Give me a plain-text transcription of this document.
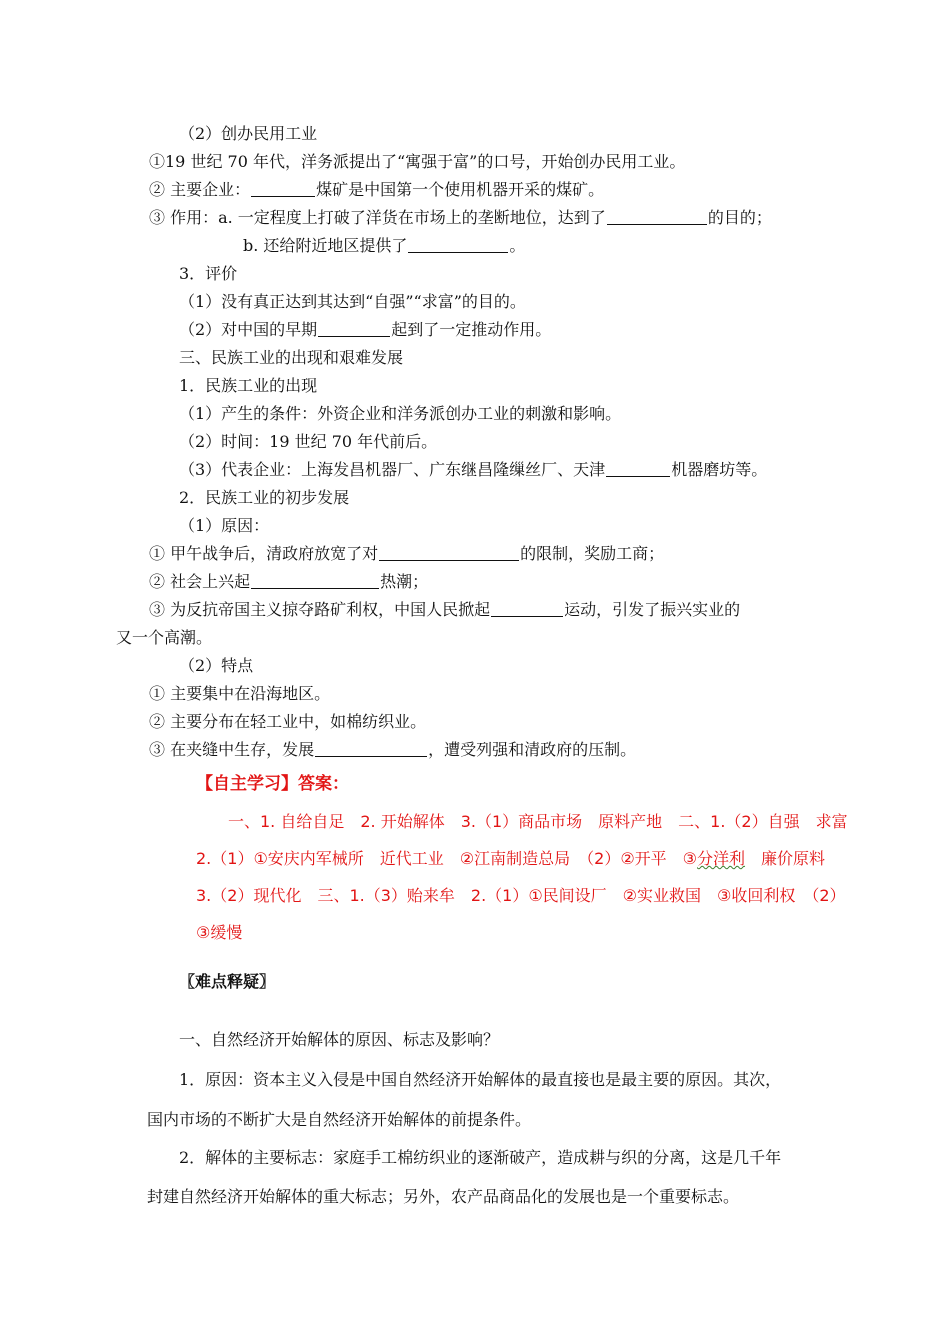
（2）创办民用工业
①19 世纪 70 年代，洋务派提出了“寓强于富”的口号，开始创办民用工业。
② 主要企业：	煤矿是中国第一个使用机器开采的煤矿。
③ 作用：a. 一定程度上打破了洋货在市场上的垄断地位，达到了	的目的；
b. 还给附近地区提供了	。
3．评价
（1）没有真正达到其达到“自强”“求富”的目的。
（2）对中国的早期	起到了一定推动作用。
三、民族工业的出现和艰难发展
1．民族工业的出现
（1）产生的条件：外资企业和洋务派创办工业的刺激和影响。
（2）时间：19 世纪 70 年代前后。
（3）代表企业：上海发昌机器厂、广东继昌隆缫丝厂、天津	机器磨坊等。
2．民族工业的初步发展
（1）原因：
① 甲午战争后，清政府放宽了对	的限制，奖励工商；
② 社会上兴起	热潮；
③ 为反抗帝国主义掠夺路矿利权，中国人民掀起	运动，引发了振兴实业的
又一个高潮。
（2）特点
① 主要集中在沿海地区。
② 主要分布在轻工业中，如棉纺织业。
③ 在夹缝中生存，发展	，遭受列强和清政府的压制。
【自主学习】答案：
一、1. 自给自足　2. 开始解体　3.（1）商品市场　原料产地　二、1.（2）自强　求富
2.（1）①安庆内军械所　近代工业　②江南制造总局　（2）②开平　③分洋利　廉价原料
3.（2）现代化　三、1.（3）贻来牟　2.（1）①民间设厂　②实业救国　③收回利权　（2）
③缓慢
〖难点释疑〗
一、自然经济开始解体的原因、标志及影响？
1．原因：资本主义入侵是中国自然经济开始解体的最直接也是最主要的原因。其次，
国内市场的不断扩大是自然经济开始解体的前提条件。
2．解体的主要标志：家庭手工棉纺织业的逐渐破产，造成耕与织的分离，这是几千年
封建自然经济开始解体的重大标志；另外，农产品商品化的发展也是一个重要标志。
